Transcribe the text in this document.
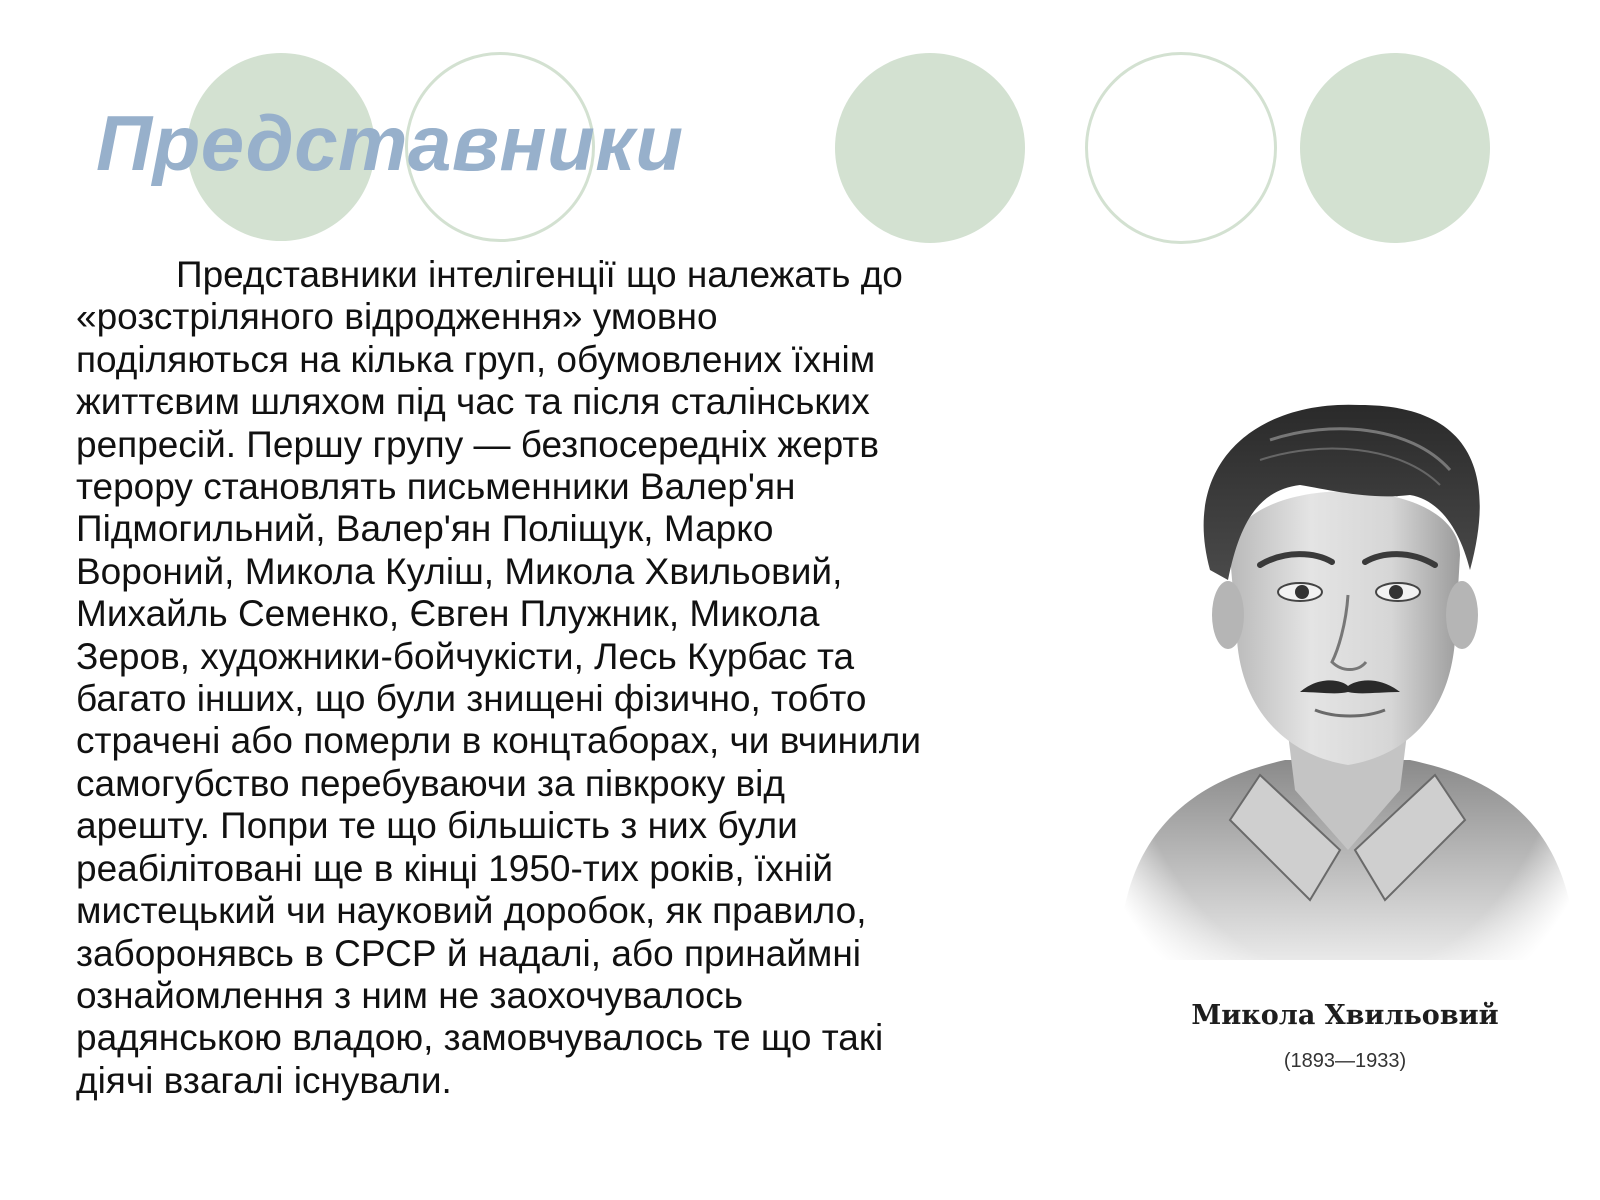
Представники

Представники інтелігенції що належать до
«розстріляного відродження» умовно
поділяються на кілька груп, обумовлених їхнім
життєвим шляхом під час та після сталінських
репресій. Першу групу — безпосередніх жертв
терору становлять письменники Валер'ян
Підмогильний, Валер'ян Поліщук, Марко
Вороний, Микола Куліш, Микола Хвильовий,
Михайль Семенко, Євген Плужник, Микола
Зеров, художники-бойчукісти, Лесь Курбас та
багато інших, що були знищені фізично, тобто
страчені або померли в концтаборах, чи вчинили
самогубство перебуваючи за півкроку від
арешту. Попри те що більшість з них були
реабілітовані ще в кінці 1950-тих років, їхній
мистецький чи науковий доробок, як правило,
заборонявсь в СРСР й надалі, або принаймні
ознайомлення з ним не заохочувалось
радянською владою, замовчувалось те що такі
діячі взагалі існували.

Микола Хвильовий

(1893—1933)
